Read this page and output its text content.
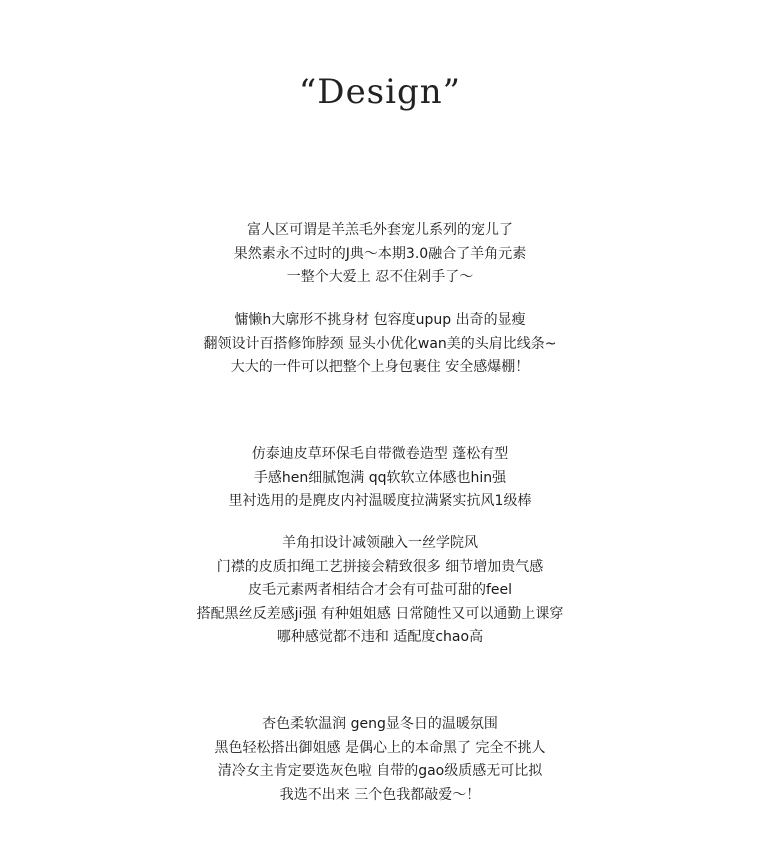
“Design”
富人区可谓是羊羔毛外套宠儿系列的宠儿了
果然素永不过时的J典～本期3.0融合了羊角元素
一整个大爱上 忍不住剁手了～
慵懒h大廓形不挑身材 包容度upup 出奇的显瘦
翻领设计百搭修饰脖颈 显头小优化wan美的头肩比线条~
大大的一件可以把整个上身包裹住 安全感爆棚！
仿泰迪皮草环保毛自带微卷造型 蓬松有型
手感hen细腻饱满 qq软软立体感也hin强
里衬选用的是麂皮内衬温暖度拉满紧实抗风1级棒
羊角扣设计减领融入一丝学院风
门襟的皮质扣绳工艺拼接会精致很多 细节增加贵气感
皮毛元素两者相结合才会有可盐可甜的feel
搭配黑丝反差感ji强 有种姐姐感 日常随性又可以通勤上课穿
哪种感觉都不违和 适配度chao高
杏色柔软温润 geng显冬日的温暖氛围
黑色轻松搭出御姐感 是偶心上的本命黑了 完全不挑人
清冷女主肯定要选灰色啦 自带的gao级质感无可比拟
我选不出来 三个色我都敲爱～！
